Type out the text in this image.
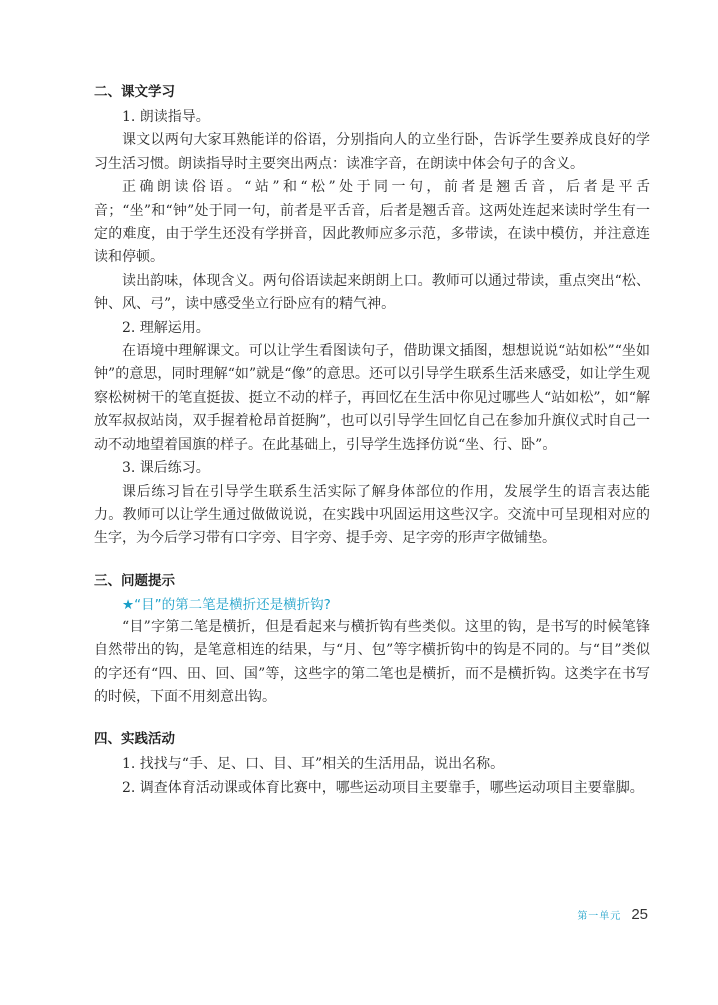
二、课文学习

1. 朗读指导。

课文以两句大家耳熟能详的俗语，分别指向人的立坐行卧，告诉学生要养成良好的学习生活习惯。朗读指导时主要突出两点：读准字音，在朗读中体会句子的含义。

正确朗读俗语。“站”和“松”处于同一句，前者是翘舌音，后者是平舌音；“坐”和“钟”处于同一句，前者是平舌音，后者是翘舌音。这两处连起来读时学生有一定的难度，由于学生还没有学拼音，因此教师应多示范，多带读，在读中模仿，并注意连读和停顿。

读出韵味，体现含义。两句俗语读起来朗朗上口。教师可以通过带读，重点突出“松、钟、风、弓”，读中感受坐立行卧应有的精气神。

2. 理解运用。

在语境中理解课文。可以让学生看图读句子，借助课文插图，想想说说“站如松”“坐如钟”的意思，同时理解“如”就是“像”的意思。还可以引导学生联系生活来感受，如让学生观察松树树干的笔直挺拔、挺立不动的样子，再回忆在生活中你见过哪些人“站如松”，如“解放军叔叔站岗，双手握着枪昂首挺胸”，也可以引导学生回忆自己在参加升旗仪式时自己一动不动地望着国旗的样子。在此基础上，引导学生选择仿说“坐、行、卧”。

3. 课后练习。

课后练习旨在引导学生联系生活实际了解身体部位的作用，发展学生的语言表达能力。教师可以让学生通过做做说说，在实践中巩固运用这些汉字。交流中可呈现相对应的生字，为今后学习带有口字旁、目字旁、提手旁、足字旁的形声字做铺垫。

三、问题提示

★“目”的第二笔是横折还是横折钩?

“目”字第二笔是横折，但是看起来与横折钩有些类似。这里的钩，是书写的时候笔锋自然带出的钩，是笔意相连的结果，与“月、包”等字横折钩中的钩是不同的。与“目”类似的字还有“四、田、回、国”等，这些字的第二笔也是横折，而不是横折钩。这类字在书写的时候，下面不用刻意出钩。

四、实践活动

1. 找找与“手、足、口、目、耳”相关的生活用品，说出名称。

2. 调查体育活动课或体育比赛中，哪些运动项目主要靠手，哪些运动项目主要靠脚。

第一单元 25
